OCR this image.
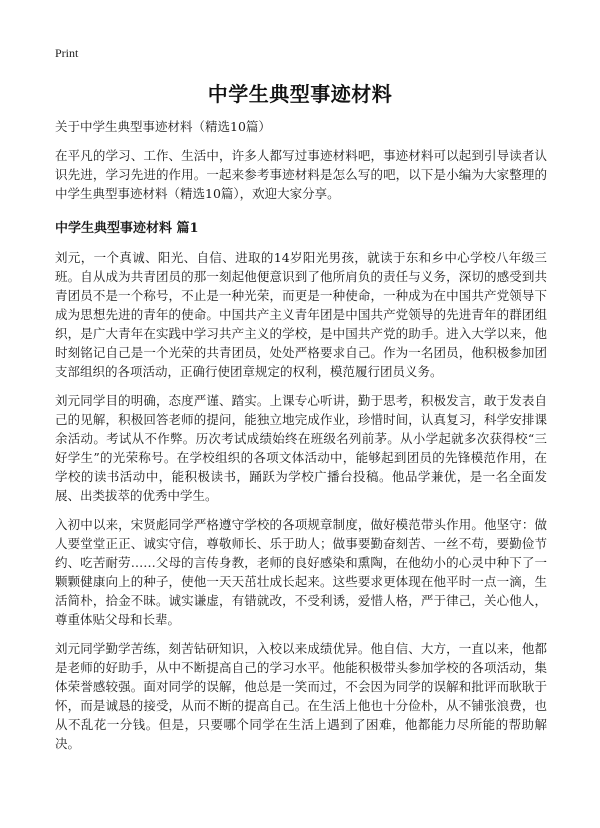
Print
中学生典型事迹材料

关于中学生典型事迹材料（精选10篇）

在平凡的学习、工作、生活中，许多人都写过事迹材料吧，事迹材料可以起到引导读者认识先进，学习先进的作用。一起来参考事迹材料是怎么写的吧，以下是小编为大家整理的中学生典型事迹材料（精选10篇），欢迎大家分享。

中学生典型事迹材料 篇1

刘元，一个真诚、阳光、自信、进取的14岁阳光男孩，就读于东和乡中心学校八年级三班。自从成为共青团员的那一刻起他便意识到了他所肩负的责任与义务，深切的感受到共青团员不是一个称号，不止是一种光荣，而更是一种使命，一种成为在中国共产党领导下成为思想先进的青年的使命。中国共产主义青年团是中国共产党领导的先进青年的群团组织，是广大青年在实践中学习共产主义的学校，是中国共产党的助手。进入大学以来，他时刻铭记自己是一个光荣的共青团员，处处严格要求自己。作为一名团员，他积极参加团支部组织的各项活动，正确行使团章规定的权利，模范履行团员义务。

刘元同学目的明确，态度严谨、踏实。上课专心听讲，勤于思考，积极发言，敢于发表自己的见解，积极回答老师的提问，能独立地完成作业，珍惜时间，认真复习，科学安排课余活动。考试从不作弊。历次考试成绩始终在班级名列前茅。从小学起就多次获得校“三好学生”的光荣称号。在学校组织的各项文体活动中，能够起到团员的先锋模范作用，在学校的读书活动中，能积极读书，踊跃为学校广播台投稿。他品学兼优，是一名全面发展、出类拔萃的优秀中学生。

入初中以来，宋贤彪同学严格遵守学校的各项规章制度，做好模范带头作用。他坚守：做人要堂堂正正、诚实守信，尊敬师长、乐于助人；做事要勤奋刻苦、一丝不苟，要勤俭节约、吃苦耐劳……父母的言传身教，老师的良好感染和熏陶，在他幼小的心灵中种下了一颗颗健康向上的种子，使他一天天茁壮成长起来。这些要求更体现在他平时一点一滴，生活简朴，拾金不昧。诚实谦虚，有错就改，不受利诱，爱惜人格，严于律己，关心他人，尊重体贴父母和长辈。

刘元同学勤学苦练，刻苦钻研知识，入校以来成绩优异。他自信、大方，一直以来，他都是老师的好助手，从中不断提高自己的学习水平。他能积极带头参加学校的各项活动，集体荣誉感较强。面对同学的误解，他总是一笑而过，不会因为同学的误解和批评而耿耿于怀，而是诚恳的接受，从而不断的提高自己。在生活上他也十分俭朴，从不铺张浪费，也从不乱花一分钱。但是，只要哪个同学在生活上遇到了困难，他都能力尽所能的帮助解决。
